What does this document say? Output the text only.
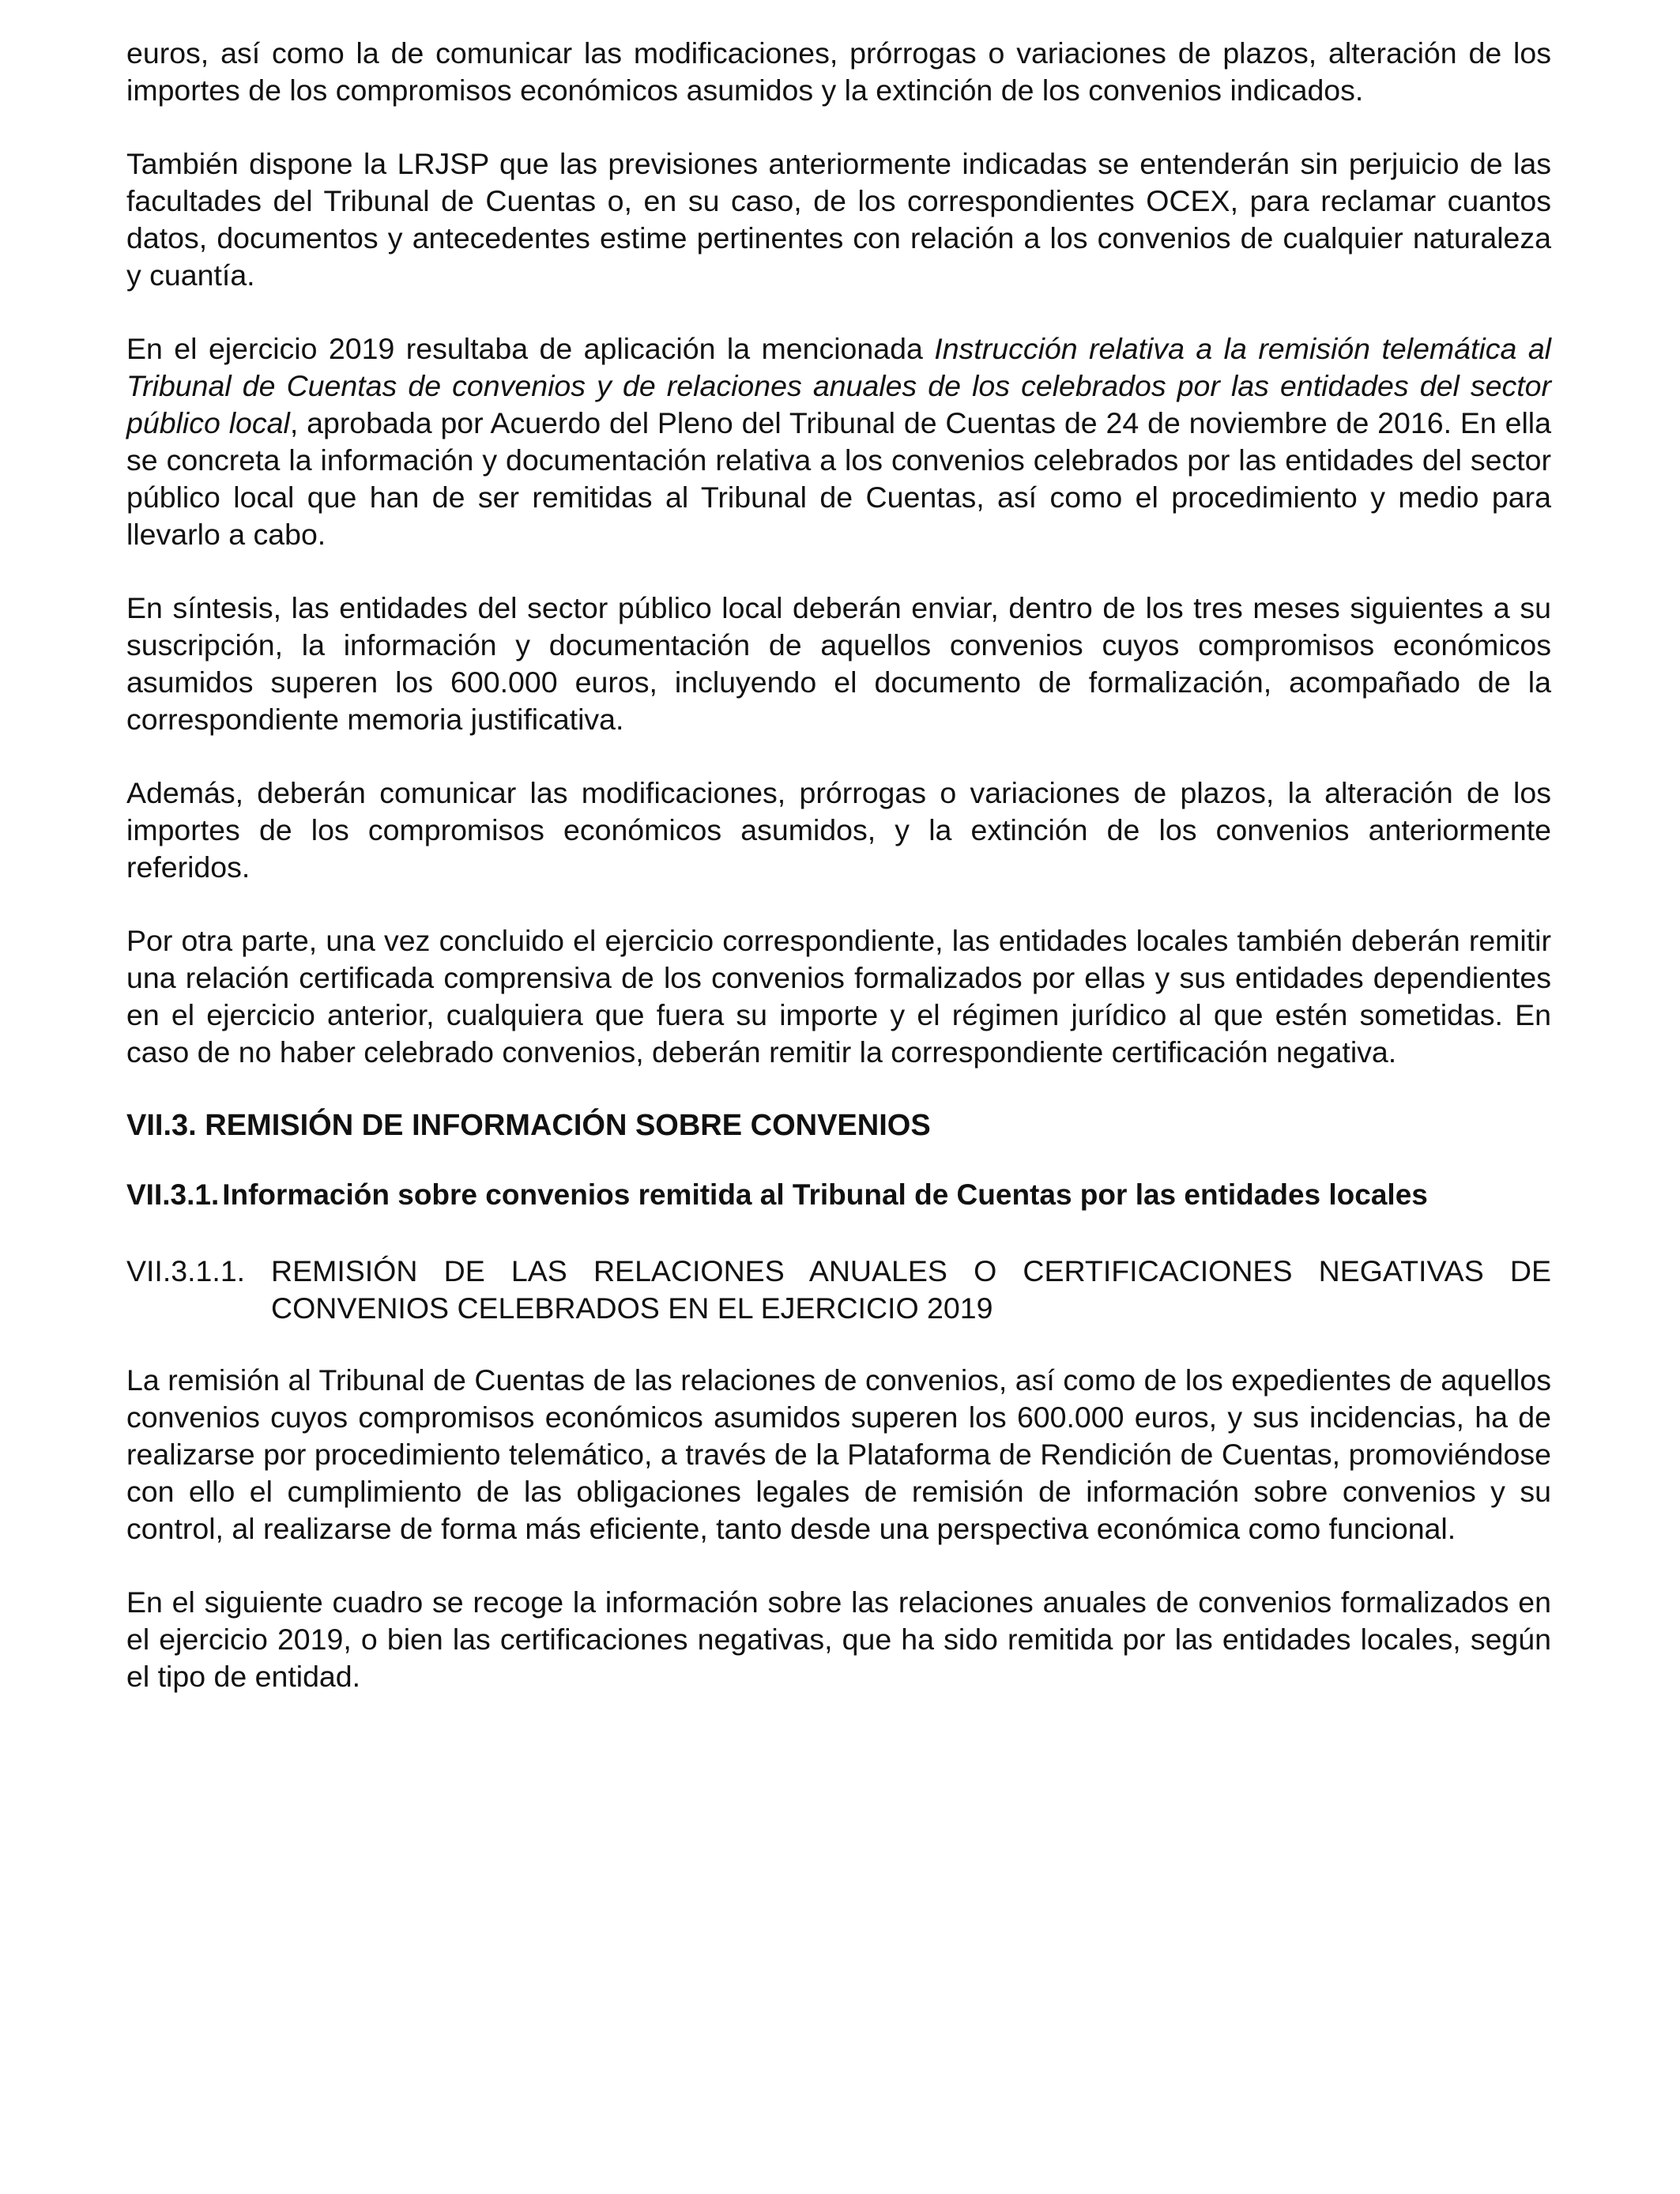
euros, así como la de comunicar las modificaciones, prórrogas o variaciones de plazos, alteración de los importes de los compromisos económicos asumidos y la extinción de los convenios indicados.

También dispone la LRJSP que las previsiones anteriormente indicadas se entenderán sin perjuicio de las facultades del Tribunal de Cuentas o, en su caso, de los correspondientes OCEX, para reclamar cuantos datos, documentos y antecedentes estime pertinentes con relación a los convenios de cualquier naturaleza y cuantía.

En el ejercicio 2019 resultaba de aplicación la mencionada Instrucción relativa a la remisión telemática al Tribunal de Cuentas de convenios y de relaciones anuales de los celebrados por las entidades del sector público local, aprobada por Acuerdo del Pleno del Tribunal de Cuentas de 24 de noviembre de 2016. En ella se concreta la información y documentación relativa a los convenios celebrados por las entidades del sector público local que han de ser remitidas al Tribunal de Cuentas, así como el procedimiento y medio para llevarlo a cabo.

En síntesis, las entidades del sector público local deberán enviar, dentro de los tres meses siguientes a su suscripción, la información y documentación de aquellos convenios cuyos compromisos económicos asumidos superen los 600.000 euros, incluyendo el documento de formalización, acompañado de la correspondiente memoria justificativa.

Además, deberán comunicar las modificaciones, prórrogas o variaciones de plazos, la alteración de los importes de los compromisos económicos asumidos, y la extinción de los convenios anteriormente referidos.

Por otra parte, una vez concluido el ejercicio correspondiente, las entidades locales también deberán remitir una relación certificada comprensiva de los convenios formalizados por ellas y sus entidades dependientes en el ejercicio anterior, cualquiera que fuera su importe y el régimen jurídico al que estén sometidas. En caso de no haber celebrado convenios, deberán remitir la correspondiente certificación negativa.

VII.3. REMISIÓN DE INFORMACIÓN SOBRE CONVENIOS
VII.3.1. Información sobre convenios remitida al Tribunal de Cuentas por las entidades locales
VII.3.1.1. REMISIÓN DE LAS RELACIONES ANUALES O CERTIFICACIONES NEGATIVAS DE CONVENIOS CELEBRADOS EN EL EJERCICIO 2019

La remisión al Tribunal de Cuentas de las relaciones de convenios, así como de los expedientes de aquellos convenios cuyos compromisos económicos asumidos superen los 600.000 euros, y sus incidencias, ha de realizarse por procedimiento telemático, a través de la Plataforma de Rendición de Cuentas, promoviéndose con ello el cumplimiento de las obligaciones legales de remisión de información sobre convenios y su control, al realizarse de forma más eficiente, tanto desde una perspectiva económica como funcional.

En el siguiente cuadro se recoge la información sobre las relaciones anuales de convenios formalizados en el ejercicio 2019, o bien las certificaciones negativas, que ha sido remitida por las entidades locales, según el tipo de entidad.
